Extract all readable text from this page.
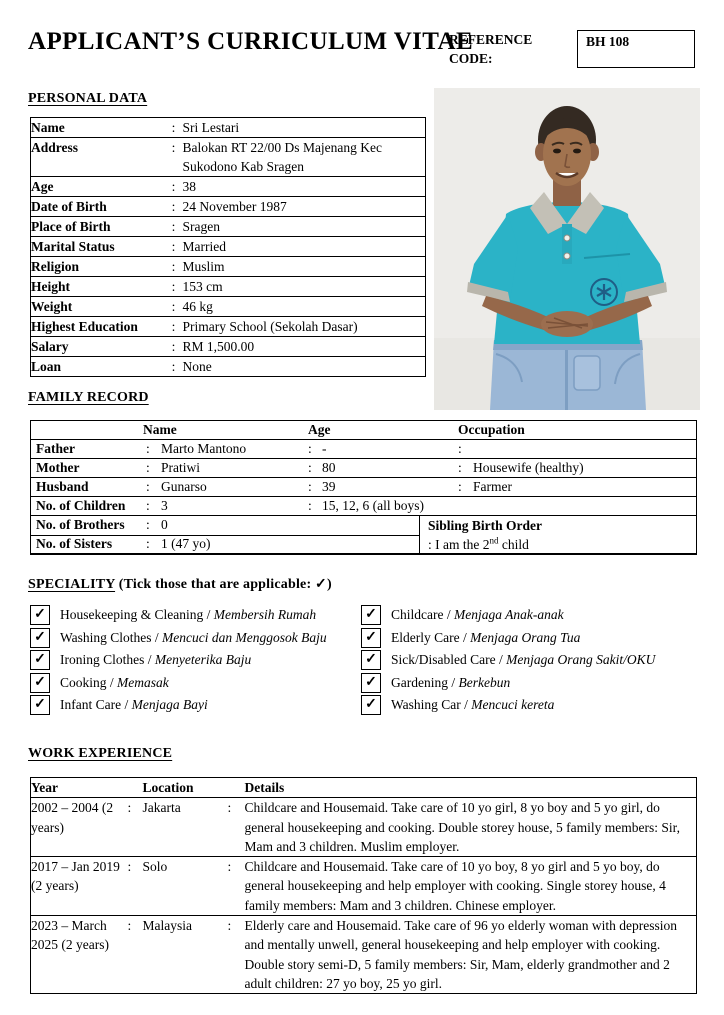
APPLICANT’S CURRICULUM VITAE
REFERENCE CODE:
BH 108
PERSONAL DATA
Name	:	Sri Lestari
Address	:	Balokan RT 22/00 Ds Majenang Kec Sukodono Kab Sragen
Age	:	38
Date of Birth	:	24 November 1987
Place of Birth	:	Sragen
Marital Status	:	Married
Religion	:	Muslim
Height	:	153 cm
Weight	:	46 kg
Highest Education	:	Primary School (Sekolah Dasar)
Salary	:	RM 1,500.00
Loan	:	None
FAMILY RECORD
Name	Age	Occupation
Father	: Marto Mantono	: -	:
Mother	: Pratiwi	: 80	: Housewife (healthy)
Husband	: Gunarso	: 39	: Farmer
No. of Children : 3	: 15, 12, 6 (all boys)
No. of Brothers : 0
No. of Sisters	: 1 (47 yo)
Sibling Birth Order
: I am the 2nd child
SPECIALITY (Tick those that are applicable: ✓)
✓	Housekeeping & Cleaning / Membersih Rumah
✓	Washing Clothes / Mencuci dan Menggosok Baju
✓	Ironing Clothes / Menyeterika Baju
✓	Cooking / Memasak
✓	Infant Care / Menjaga Bayi
✓	Childcare / Menjaga Anak-anak
✓	Elderly Care / Menjaga Orang Tua
✓	Sick/Disabled Care / Menjaga Orang Sakit/OKU
✓	Gardening / Berkebun
✓	Washing Car / Mencuci kereta
WORK EXPERIENCE
Year		Location		Details
2002 – 2004 (2 years)	:	Jakarta	:	Childcare and Housemaid. Take care of 10 yo girl, 8 yo boy and 5 yo girl, do general housekeeping and cooking. Double storey house, 5 family members: Sir, Mam and 3 children. Muslim employer.
2017 – Jan 2019 (2 years)	:	Solo	:	Childcare and Housemaid. Take care of 10 yo boy, 8 yo girl and 5 yo boy, do general housekeeping and help employer with cooking. Single storey house, 4 family members: Mam and 3 children. Chinese employer.
2023 – March 2025 (2 years)	:	Malaysia	:	Elderly care and Housemaid. Take care of 96 yo elderly woman with depression and mentally unwell, general housekeeping and help employer with cooking. Double story semi-D, 5 family members: Sir, Mam, elderly grandmother and 2 adult children: 27 yo boy, 25 yo girl.
